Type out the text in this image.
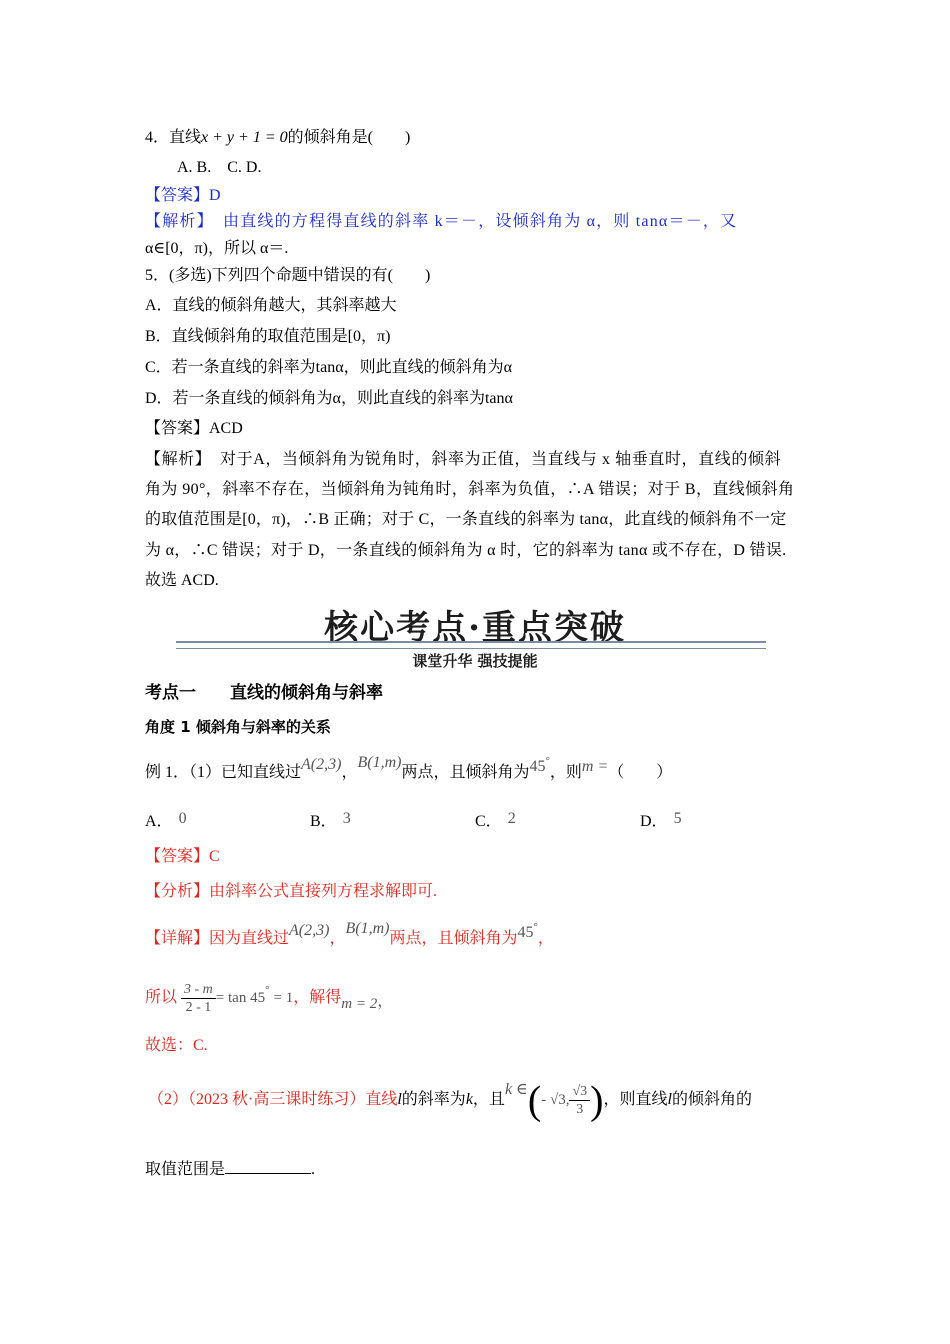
4．直线x + y + 1 = 0的倾斜角是(　　)
A. B.　C. D.
【答案】D
【解析】　由直线的方程得直线的斜率 k＝－，设倾斜角为 α，则 tanα＝－，又
α∈[0，π)，所以 α＝.
5．(多选)下列四个命题中错误的有(　　)
A．直线的倾斜角越大，其斜率越大
B．直线倾斜角的取值范围是[0，π)
C．若一条直线的斜率为tanα，则此直线的倾斜角为α
D．若一条直线的倾斜角为α，则此直线的斜率为tanα
【答案】ACD
【解析】　对于A，当倾斜角为锐角时，斜率为正值，当直线与 x 轴垂直时，直线的倾斜
角为 90°，斜率不存在，当倾斜角为钝角时，斜率为负值，∴A 错误；对于 B，直线倾斜角
的取值范围是[0，π)，∴B 正确；对于 C，一条直线的斜率为 tanα，此直线的倾斜角不一定
为 α，∴C 错误；对于 D，一条直线的倾斜角为 α 时，它的斜率为 tanα 或不存在，D 错误.
故选 ACD.
核心考点·重点突破
课堂升华 强技提能
考点一　　直线的倾斜角与斜率
角度 1 倾斜角与斜率的关系
例 1．（1）已知直线过A(2,3)，B(1,m)两点，且倾斜角为45°，则m =（　　）
A． 0	B． 3	C． 2	D． 5
【答案】C
【分析】由斜率公式直接列方程求解即可.
【详解】因为直线过A(2,3)，B(1,m)两点，且倾斜角为45°，
所以 $\frac{3 - m}{2 - 1} = \tan 45^\circ = 1$，解得m = 2，
故选：C.
（2）（2023 秋·高三课时练习）直线l的斜率为k，且k ∈(- √3, $\frac{√3}{3}$ )，则直线l的倾斜角的
取值范围是	.
